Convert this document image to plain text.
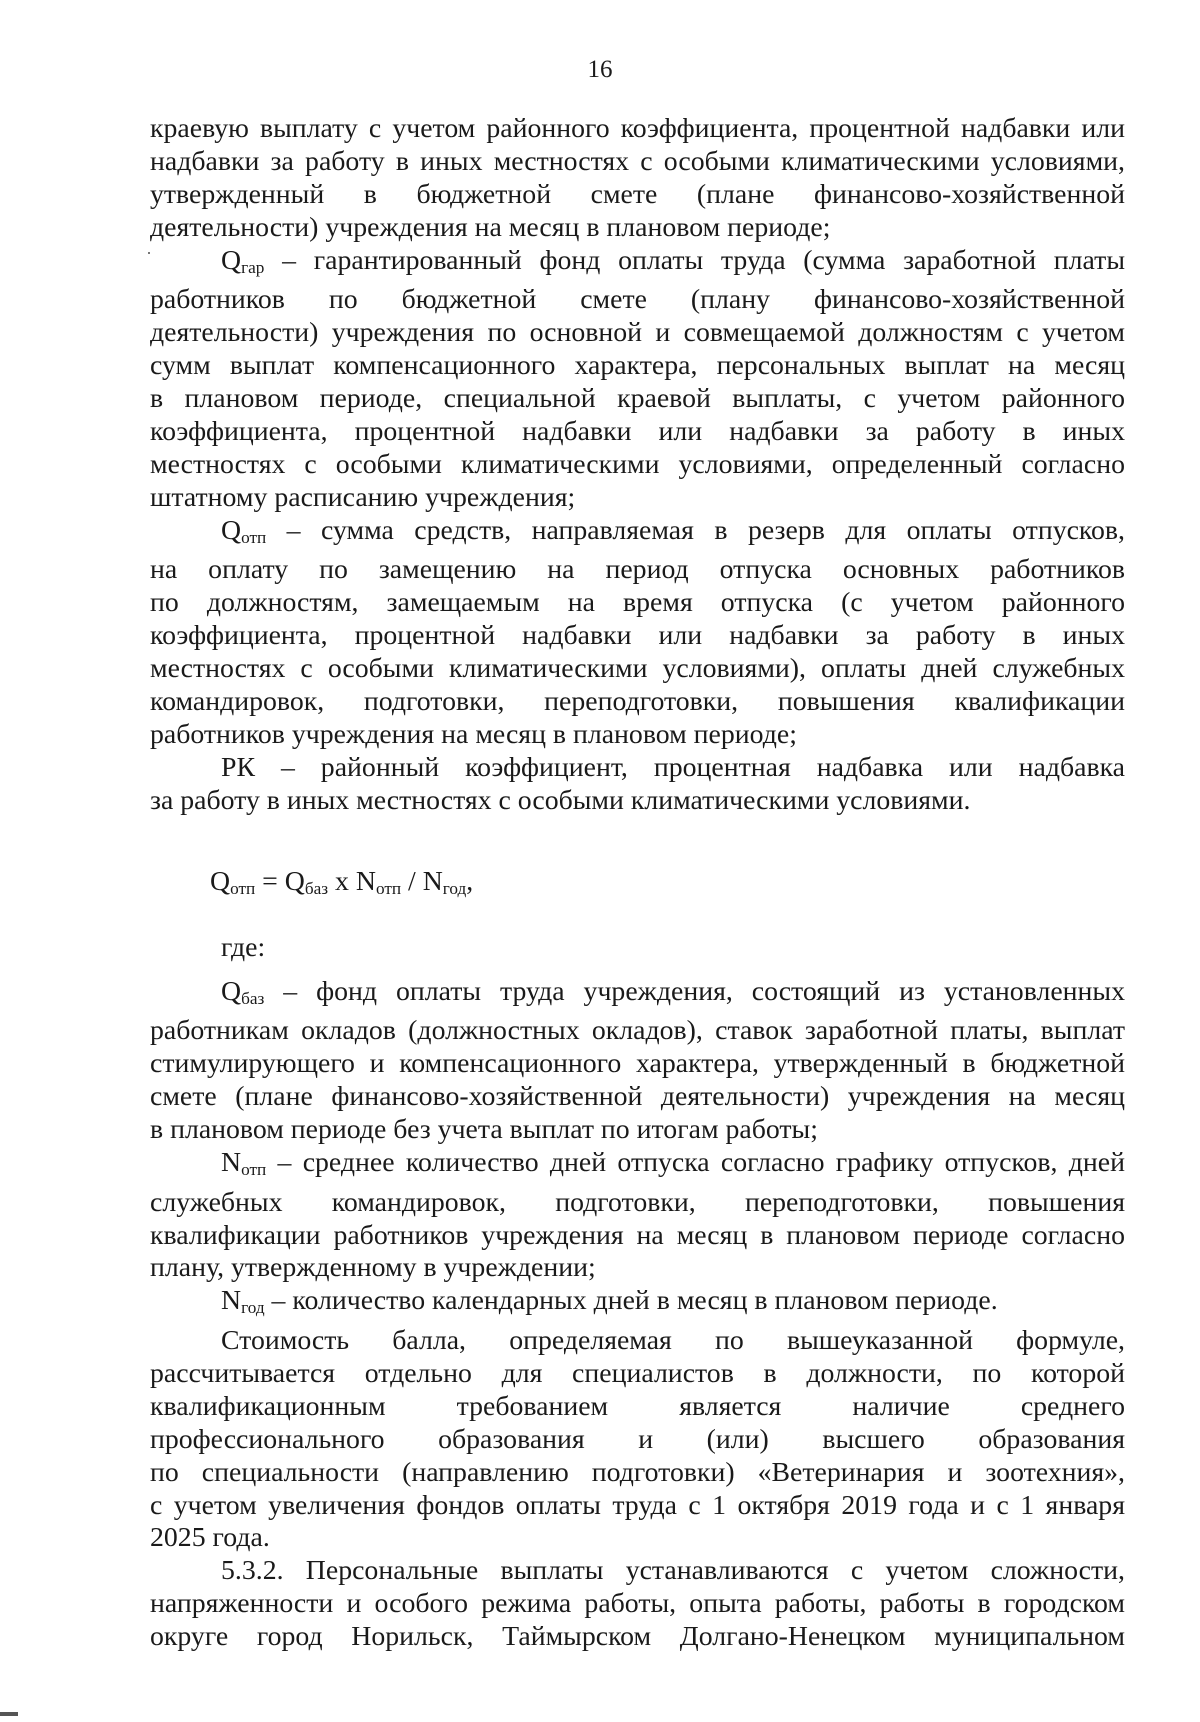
16

краевую выплату с учетом районного коэффициента, процентной надбавки или

надбавки за работу в иных местностях с особыми климатическими условиями,

утвержденный в бюджетной смете (плане финансово-хозяйственной

деятельности) учреждения на месяц в плановом периоде;

$Q_{гар}$ – гарантированный фонд оплаты труда (сумма заработной платы

работников по бюджетной смете (плану финансово-хозяйственной

деятельности) учреждения по основной и совмещаемой должностям с учетом

сумм выплат компенсационного характера, персональных выплат на месяц

в плановом периоде, специальной краевой выплаты, с учетом районного

коэффициента, процентной надбавки или надбавки за работу в иных

местностях с особыми климатическими условиями, определенный согласно

штатному расписанию учреждения;

$Q_{отп}$ – сумма средств, направляемая в резерв для оплаты отпусков,

на оплату по замещению на период отпуска основных работников

по должностям, замещаемым на время отпуска (с учетом районного

коэффициента, процентной надбавки или надбавки за работу в иных

местностях с особыми климатическими условиями), оплаты дней служебных

командировок, подготовки, переподготовки, повышения квалификации

работников учреждения на месяц в плановом периоде;

РК – районный коэффициент, процентная надбавка или надбавка

за работу в иных местностях с особыми климатическими условиями.

$Q_{отп} = Q_{баз}$ x $N_{отп} / N_{год}$,

где:

$Q_{баз}$ – фонд оплаты труда учреждения, состоящий из установленных

работникам окладов (должностных окладов), ставок заработной платы, выплат

стимулирующего и компенсационного характера, утвержденный в бюджетной

смете (плане финансово-хозяйственной деятельности) учреждения на месяц

в плановом периоде без учета выплат по итогам работы;

$N_{отп}$ – среднее количество дней отпуска согласно графику отпусков, дней

служебных командировок, подготовки, переподготовки, повышения

квалификации работников учреждения на месяц в плановом периоде согласно

плану, утвержденному в учреждении;

$N_{год}$ – количество календарных дней в месяц в плановом периоде.

Стоимость балла, определяемая по вышеуказанной формуле,

рассчитывается отдельно для специалистов в должности, по которой

квалификационным требованием является наличие среднего

профессионального образования и (или) высшего образования

по специальности (направлению подготовки) «Ветеринария и зоотехния»,

с учетом увеличения фондов оплаты труда с 1 октября 2019 года и с 1 января

2025 года.

5.3.2. Персональные выплаты устанавливаются с учетом сложности,

напряженности и особого режима работы, опыта работы, работы в городском

округе город Норильск, Таймырском Долгано-Ненецком муниципальном
